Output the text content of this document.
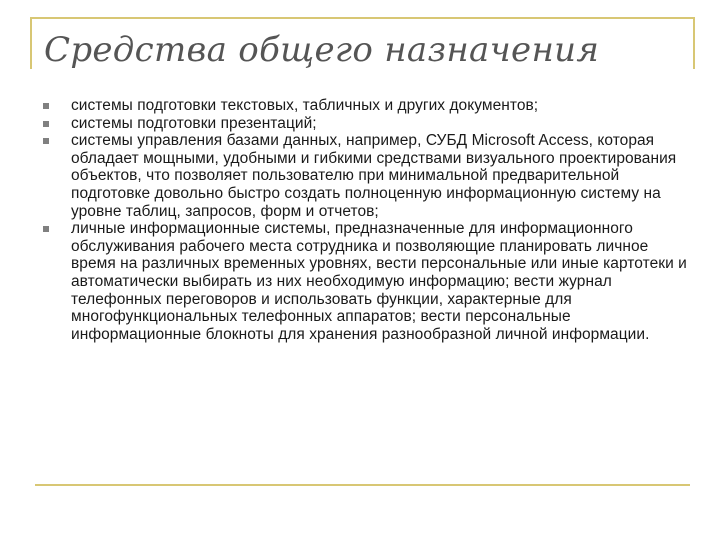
Средства общего назначения
системы подготовки текстовых, табличных и других документов;
системы подготовки презентаций;
системы управления базами данных, например, СУБД Microsoft Access, которая обладает мощными, удобными и гибкими средствами визуального проектирования объектов, что позволяет пользователю при минимальной предварительной подготовке довольно быстро создать полноценную информационную систему на уровне таблиц, запросов, форм и отчетов;
личные информационные системы, предназначенные для информационного обслуживания рабочего места сотрудника и позволяющие планировать личное время на различных временных уровнях, вести персональные или иные картотеки и автоматически выбирать из них необходимую информацию; вести журнал телефонных переговоров и использовать функции, характерные для многофункциональных телефонных аппаратов; вести персональные информационные блокноты для хранения разнообразной личной информации.
